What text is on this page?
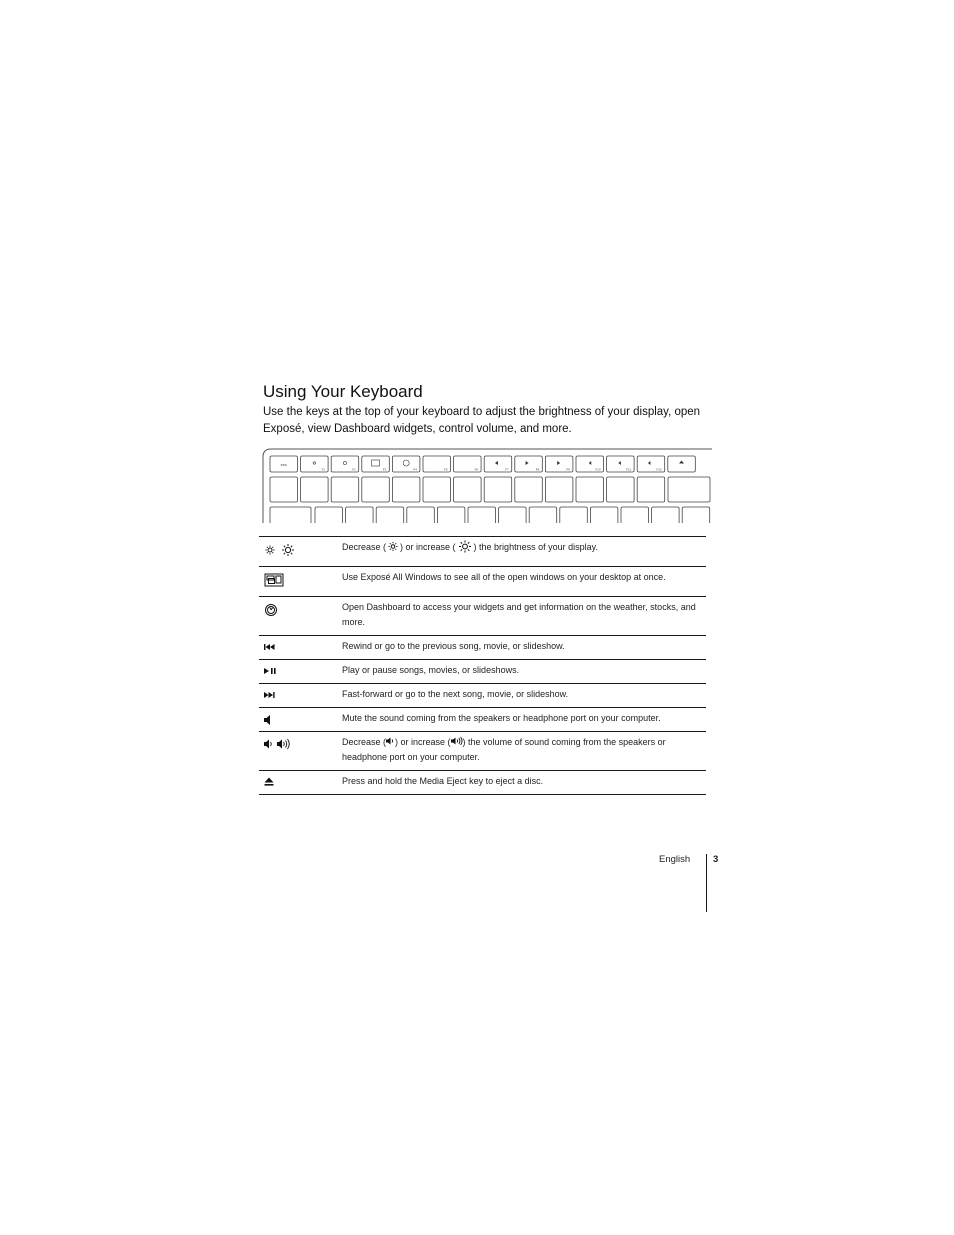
Using Your Keyboard

Use the keys at the top of your keyboard to adjust the brightness of your display, open Exposé, view Dashboard widgets, control volume, and more.

esc
F1	F2	F3	F4	F5	F6	F7	F8	F9	F10	F11	F12
	Decrease ( ) or increase ( ) the brightness of your display.

	Use Exposé All Windows to see all of the open windows on your desktop at once.

	Open Dashboard to access your widgets and get information on the weather, stocks, and more.

	Rewind or go to the previous song, movie, or slideshow.

	Play or pause songs, movies, or slideshows.

	Fast-forward or go to the next song, movie, or slideshow.

	Mute the sound coming from the speakers or headphone port on your computer.

	Decrease ( ) or increase ( ) the volume of sound coming from the speakers or headphone port on your computer.

	Press and hold the Media Eject key to eject a disc.
English 3
